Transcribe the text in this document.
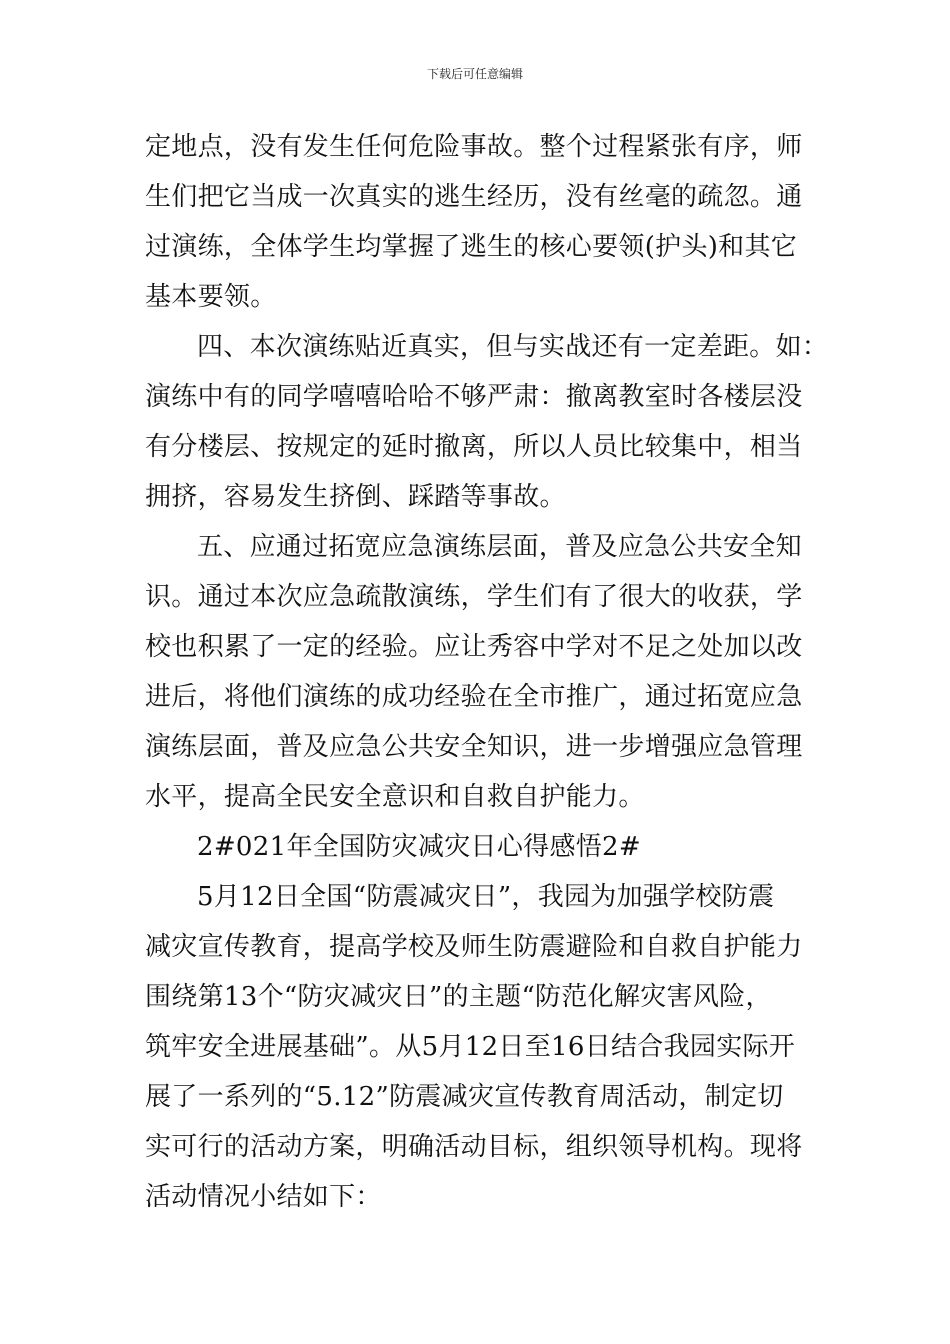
下载后可任意编辑
定地点，没有发生任何危险事故。整个过程紧张有序，师
生们把它当成一次真实的逃生经历，没有丝毫的疏忽。通
过演练，全体学生均掌握了逃生的核心要领(护头)和其它
基本要领。
四、本次演练贴近真实，但与实战还有一定差距。如：
演练中有的同学嘻嘻哈哈不够严肃：撤离教室时各楼层没
有分楼层、按规定的延时撤离，所以人员比较集中，相当
拥挤，容易发生挤倒、踩踏等事故。
五、应通过拓宽应急演练层面，普及应急公共安全知
识。通过本次应急疏散演练，学生们有了很大的收获，学
校也积累了一定的经验。应让秀容中学对不足之处加以改
进后，将他们演练的成功经验在全市推广，通过拓宽应急
演练层面，普及应急公共安全知识，进一步增强应急管理
水平，提高全民安全意识和自救自护能力。
2#021年全国防灾减灾日心得感悟2#
5月12日全国“防震减灾日”，我园为加强学校防震
减灾宣传教育，提高学校及师生防震避险和自救自护能力
围绕第13个“防灾减灾日”的主题“防范化解灾害风险，
筑牢安全进展基础”。从5月12日至16日结合我园实际开
展了一系列的“5.12”防震减灾宣传教育周活动，制定切
实可行的活动方案，明确活动目标，组织领导机构。现将
活动情况小结如下：
